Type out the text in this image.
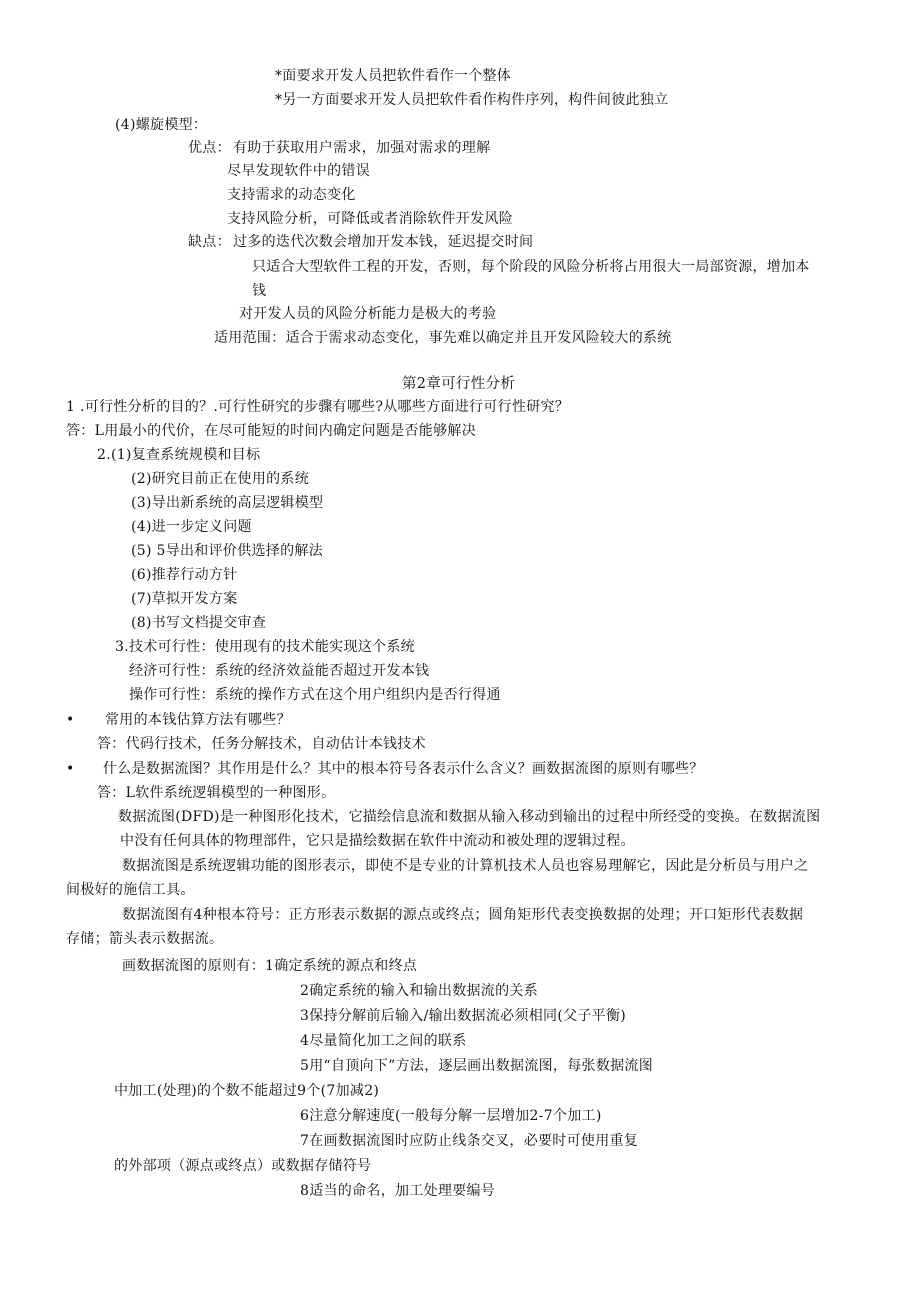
*面要求开发人员把软件看作一个整体
*另一方面要求开发人员把软件看作构件序列，构件间彼此独立
(4)螺旋模型：
优点： 有助于获取用户需求，加强对需求的理解
尽早发现软件中的错误
支持需求的动态变化
支持风险分析，可降低或者消除软件开发风险
缺点： 过多的迭代次数会增加开发本钱，延迟提交时间
只适合大型软件工程的开发，否则，每个阶段的风险分析将占用很大一局部资源，增加本
钱
对开发人员的风险分析能力是极大的考验
适用范围：适合于需求动态变化，事先难以确定并且开发风险较大的系统
第2章可行性分析
1 .可行性分析的目的？.可行性研究的步骤有哪些?从哪些方面进行可行性研究？
答：L用最小的代价，在尽可能短的时间内确定问题是否能够解决
2.(1)复查系统规模和目标
(2)研究目前正在使用的系统
(3)导出新系统的高层逻辑模型
(4)进一步定义问题
(5) 5导出和评价供选择的解法
(6)推荐行动方针
(7)草拟开发方案
(8)书写文档提交审查
3.技术可行性：使用现有的技术能实现这个系统
经济可行性：系统的经济效益能否超过开发本钱
操作可行性：系统的操作方式在这个用户组织内是否行得通
• 常用的本钱估算方法有哪些？
答：代码行技术，任务分解技术，自动估计本钱技术
• 什么是数据流图？其作用是什么？其中的根本符号各表示什么含义？画数据流图的原则有哪些？
答：L软件系统逻辑模型的一种图形。
数据流图(DFD)是一种图形化技术，它描绘信息流和数据从输入移动到输出的过程中所经受的变换。在数据流图
中没有任何具体的物理部件，它只是描绘数据在软件中流动和被处理的逻辑过程。
数据流图是系统逻辑功能的图形表示，即使不是专业的计算机技术人员也容易理解它，因此是分析员与用户之
间极好的施信工具。
数据流图有4种根本符号：正方形表示数据的源点或终点；圆角矩形代表变换数据的处理；开口矩形代表数据
存储；箭头表示数据流。
画数据流图的原则有：1确定系统的源点和终点
2确定系统的输入和输出数据流的关系
3保持分解前后输入/输出数据流必须相同(父子平衡)
4尽量简化加工之间的联系
5用“自顶向下”方法，逐层画出数据流图，每张数据流图
中加工(处理)的个数不能超过9个(7加减2)
6注意分解速度(一般每分解一层增加2-7个加工)
7在画数据流图时应防止线条交叉，必要时可使用重复
的外部项（源点或终点）或数据存储符号
8适当的命名，加工处理要编号
